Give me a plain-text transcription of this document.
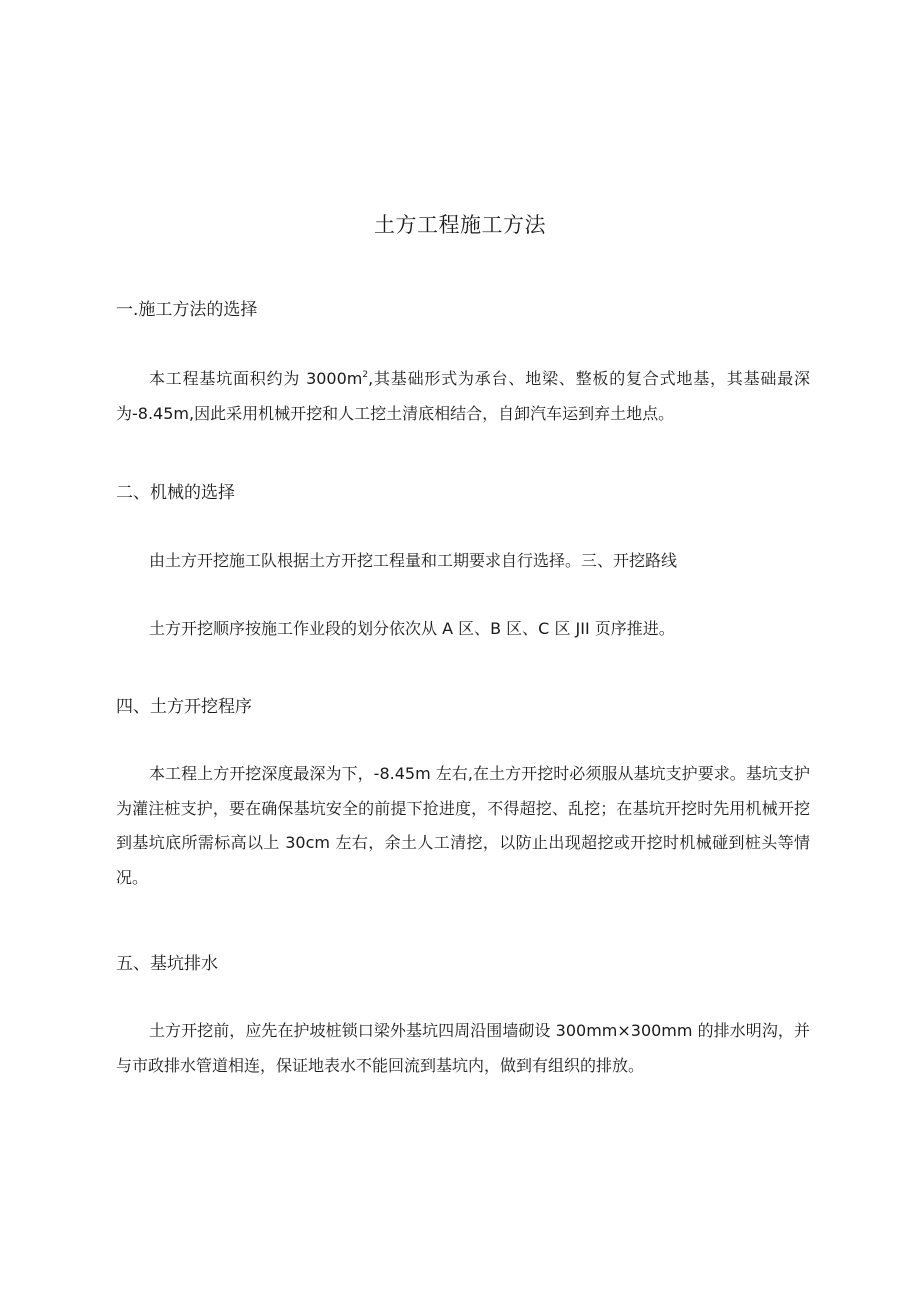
土方工程施工方法
一.施工方法的选择

本工程基坑面积约为 $3000m^2$,其基础形式为承台、地梁、整板的复合式地基，其基础最深为-8.45m,因此采用机械开挖和人工挖土清底相结合，自卸汽车运到弃土地点。

二、机械的选择

由土方开挖施工队根据土方开挖工程量和工期要求自行选择。三、开挖路线

土方开挖顺序按施工作业段的划分依次从 A 区、B 区、C 区 JII 页序推进。

四、土方开挖程序

本工程上方开挖深度最深为下，-8.45m 左右,在土方开挖时必须服从基坑支护要求。基坑支护为灌注桩支护，要在确保基坑安全的前提下抢进度，不得超挖、乱挖；在基坑开挖时先用机械开挖到基坑底所需标高以上 30cm 左右，余土人工清挖，以防止出现超挖或开挖时机械碰到桩头等情况。

五、基坑排水

土方开挖前，应先在护坡桩锁口梁外基坑四周沿围墙砌设 300mm×300mm 的排水明沟，并与市政排水管道相连，保证地表水不能回流到基坑内，做到有组织的排放。
